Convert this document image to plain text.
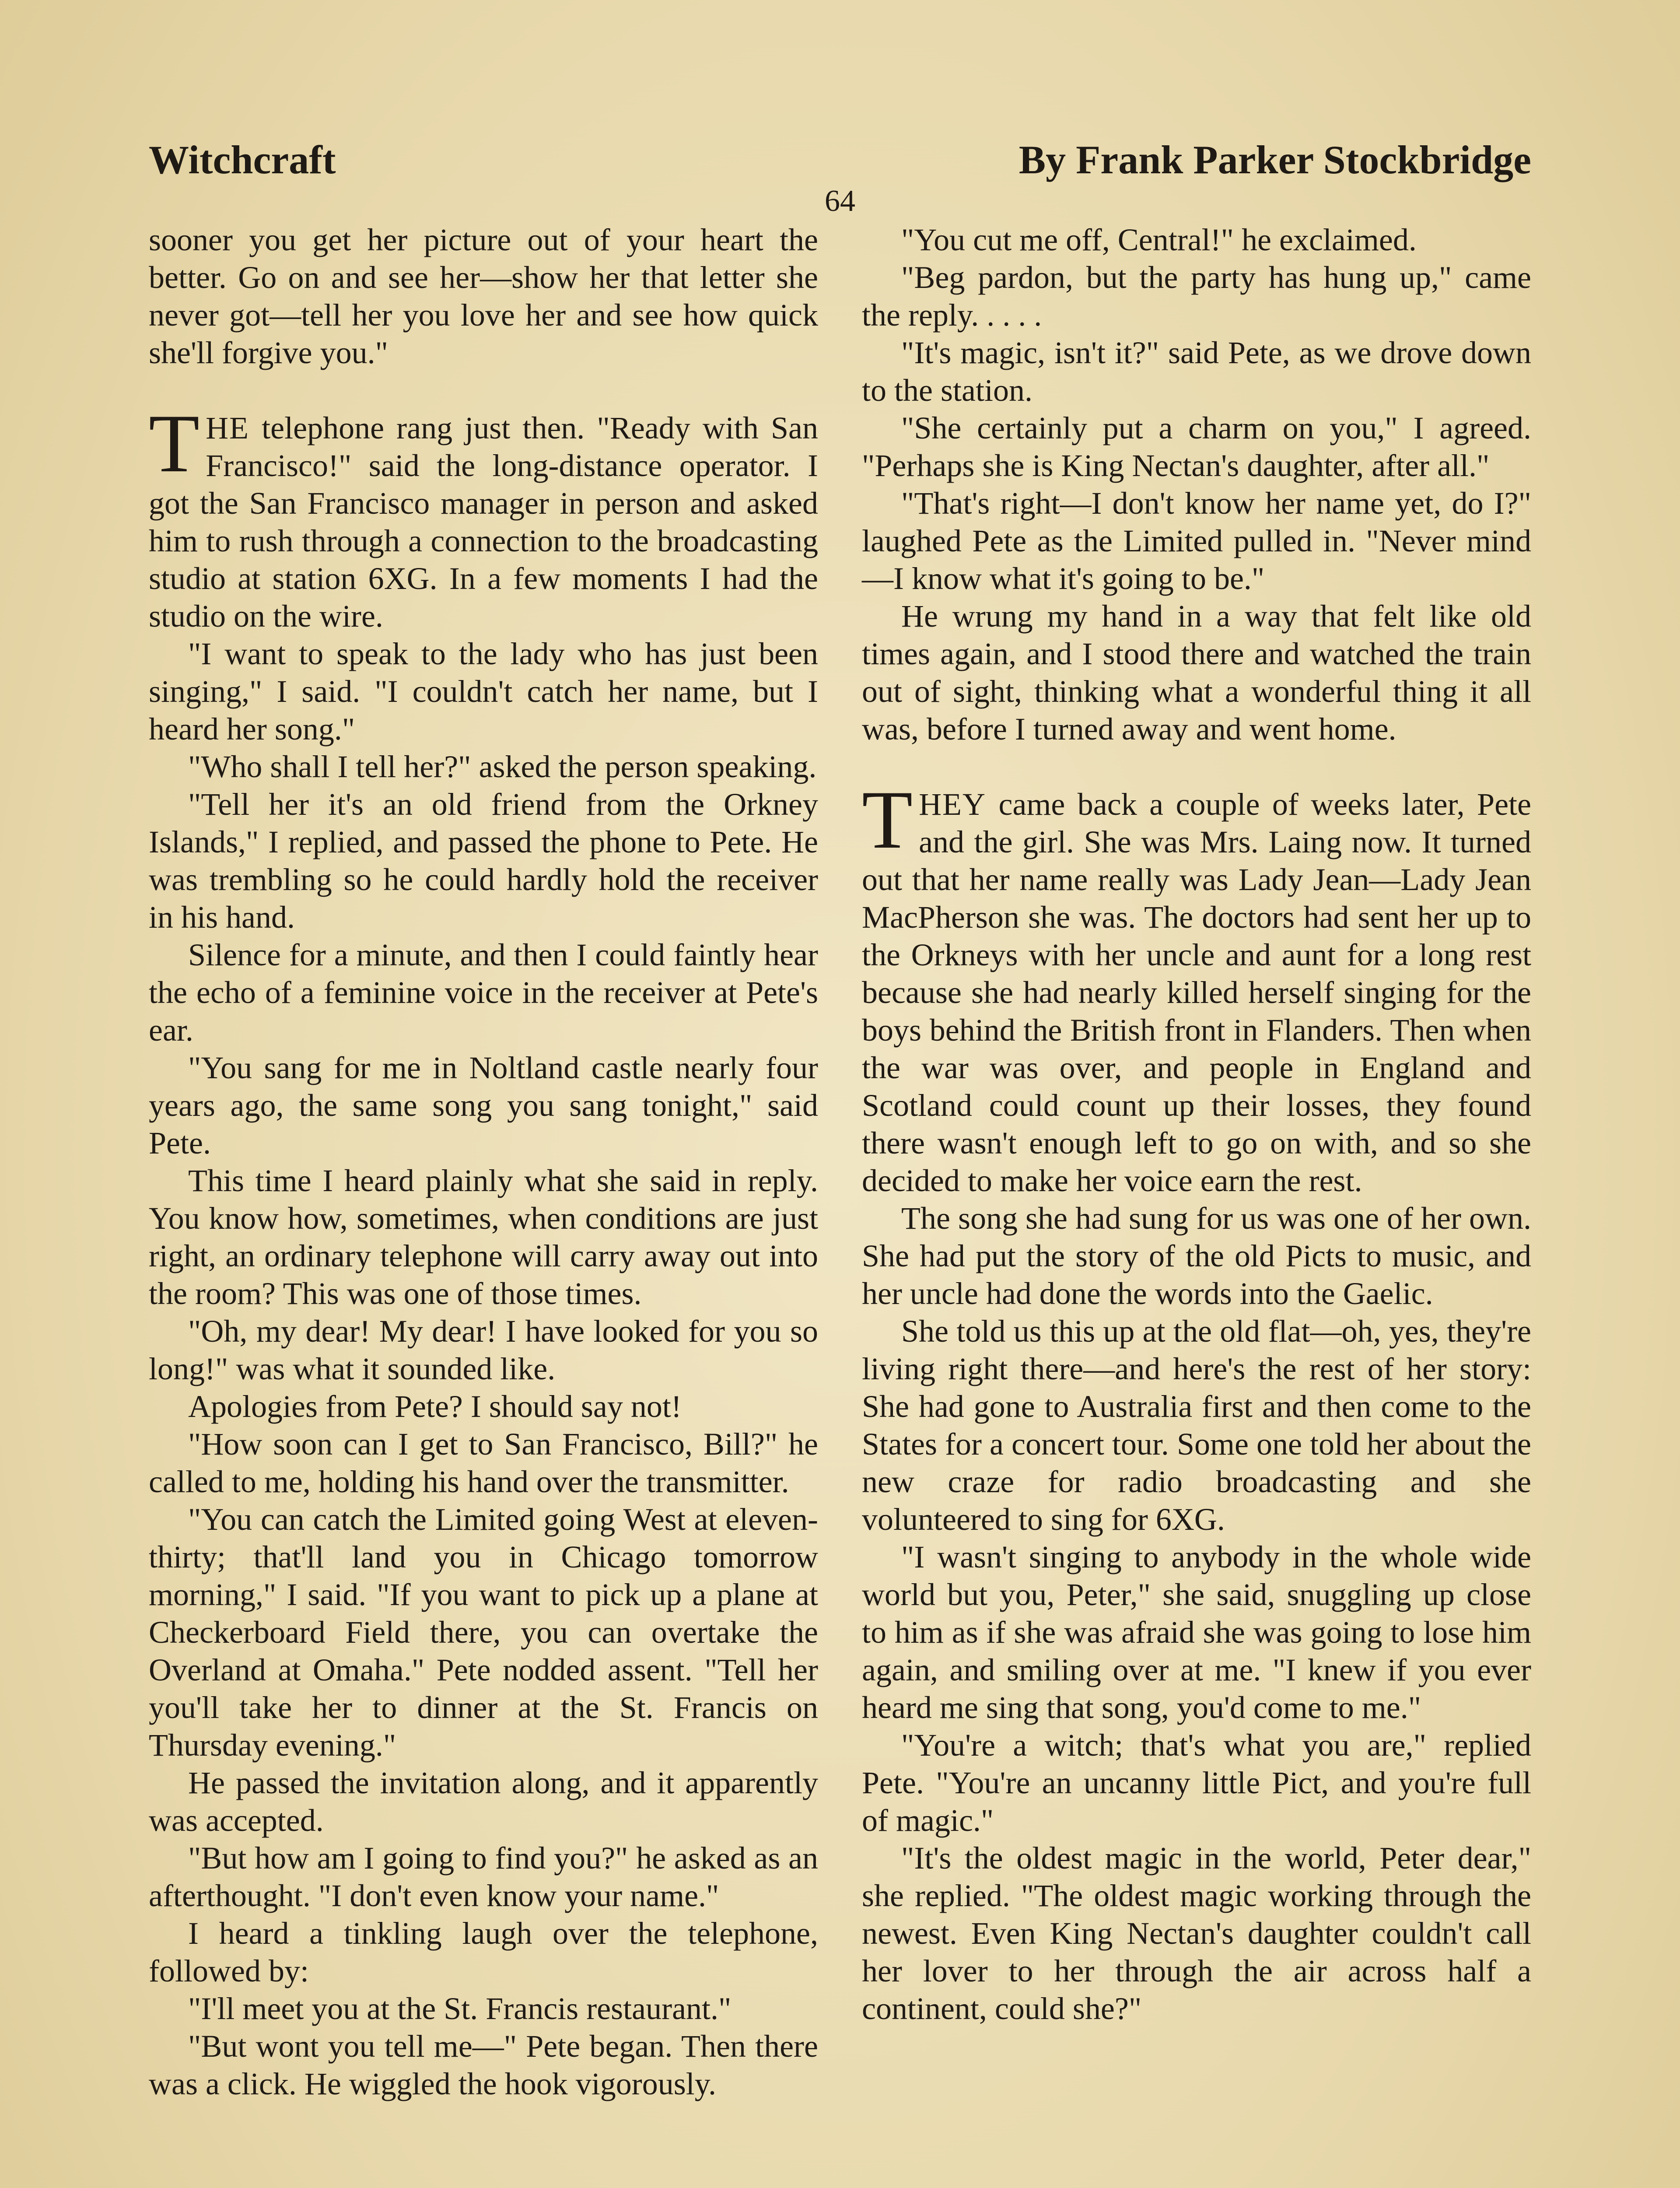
Witchcraft	By Frank Parker Stockbridge
64

sooner you get her picture out of your heart the better. Go on and see her—show her that letter she never got—tell her you love her and see how quick she'll forgive you."

THE telephone rang just then. "Ready with San Francisco!" said the long-distance operator. I got the San Francisco manager in person and asked him to rush through a connection to the broadcasting studio at station 6XG. In a few moments I had the studio on the wire.

"I want to speak to the lady who has just been singing," I said. "I couldn't catch her name, but I heard her song."

"Who shall I tell her?" asked the person speaking.

"Tell her it's an old friend from the Orkney Islands," I replied, and passed the phone to Pete. He was trembling so he could hardly hold the receiver in his hand.

Silence for a minute, and then I could faintly hear the echo of a feminine voice in the receiver at Pete's ear.

"You sang for me in Noltland castle nearly four years ago, the same song you sang tonight," said Pete.

This time I heard plainly what she said in reply. You know how, sometimes, when conditions are just right, an ordinary telephone will carry away out into the room? This was one of those times.

"Oh, my dear! My dear! I have looked for you so long!" was what it sounded like.

Apologies from Pete? I should say not!

"How soon can I get to San Francisco, Bill?" he called to me, holding his hand over the transmitter.

"You can catch the Limited going West at eleven-thirty; that'll land you in Chicago tomorrow morning," I said. "If you want to pick up a plane at Checkerboard Field there, you can overtake the Overland at Omaha." Pete nodded assent. "Tell her you'll take her to dinner at the St. Francis on Thursday evening."

He passed the invitation along, and it apparently was accepted.

"But how am I going to find you?" he asked as an afterthought. "I don't even know your name."

I heard a tinkling laugh over the telephone, followed by:

"I'll meet you at the St. Francis restaurant."

"But wont you tell me—" Pete began. Then there was a click. He wiggled the hook vigorously.

"You cut me off, Central!" he exclaimed.

"Beg pardon, but the party has hung up," came the reply. . . . .

"It's magic, isn't it?" said Pete, as we drove down to the station.

"She certainly put a charm on you," I agreed. "Perhaps she is King Nectan's daughter, after all."

"That's right—I don't know her name yet, do I?" laughed Pete as the Limited pulled in. "Never mind—I know what it's going to be."

He wrung my hand in a way that felt like old times again, and I stood there and watched the train out of sight, thinking what a wonderful thing it all was, before I turned away and went home.

THEY came back a couple of weeks later, Pete and the girl. She was Mrs. Laing now. It turned out that her name really was Lady Jean—Lady Jean MacPherson she was. The doctors had sent her up to the Orkneys with her uncle and aunt for a long rest because she had nearly killed herself singing for the boys behind the British front in Flanders. Then when the war was over, and people in England and Scotland could count up their losses, they found there wasn't enough left to go on with, and so she decided to make her voice earn the rest.

The song she had sung for us was one of her own. She had put the story of the old Picts to music, and her uncle had done the words into the Gaelic.

She told us this up at the old flat—oh, yes, they're living right there—and here's the rest of her story: She had gone to Australia first and then come to the States for a concert tour. Some one told her about the new craze for radio broadcasting and she volunteered to sing for 6XG.

"I wasn't singing to anybody in the whole wide world but you, Peter," she said, snuggling up close to him as if she was afraid she was going to lose him again, and smiling over at me. "I knew if you ever heard me sing that song, you'd come to me."

"You're a witch; that's what you are," replied Pete. "You're an uncanny little Pict, and you're full of magic."

"It's the oldest magic in the world, Peter dear," she replied. "The oldest magic working through the newest. Even King Nectan's daughter couldn't call her lover to her through the air across half a continent, could she?"
